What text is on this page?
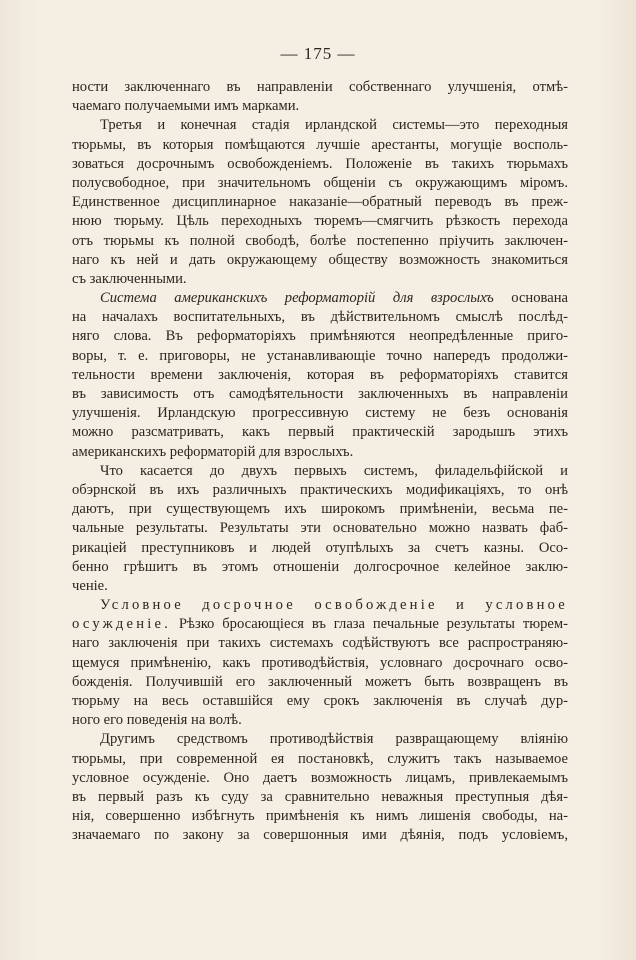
— 175 —
ности заключеннаго въ направленіи собственнаго улучшенія, отмѣ-
чаемаго получаемыми имъ марками.
Третья и конечная стадія ирландской системы—это переходныя
тюрьмы, въ которыя помѣщаются лучшіе арестанты, могущіе восполь-
зоваться досрочнымъ освобожденіемъ. Положеніе въ такихъ тюрьмахъ
полусвободное, при значительномъ общеніи съ окружающимъ міромъ.
Единственное дисциплинарное наказаніе—обратный переводъ въ преж-
нюю тюрьму. Цѣль переходныхъ тюремъ—смягчить рѣзкость перехода
отъ тюрьмы къ полной свободѣ, болѣе постепенно пріучить заключен-
наго къ ней и дать окружающему обществу возможность знакомиться
съ заключенными.
Система американскихъ реформаторій для взрослыхъ основана
на началахъ воспитательныхъ, въ дѣйствительномъ смыслѣ послѣд-
няго слова. Въ реформаторіяхъ примѣняются неопредѣленные приго-
воры, т. е. приговоры, не устанавливающіе точно напередъ продолжи-
тельности времени заключенія, которая въ реформаторіяхъ ставится
въ зависимость отъ самодѣятельности заключенныхъ въ направленіи
улучшенія. Ирландскую прогрессивную систему не безъ основанія
можно разсматривать, какъ первый практическій зародышъ этихъ
американскихъ реформаторій для взрослыхъ.
Что касается до двухъ первыхъ системъ, филадельфійской и
обэрнской въ ихъ различныхъ практическихъ модификаціяхъ, то онѣ
даютъ, при существующемъ ихъ широкомъ примѣненіи, весьма пе-
чальные результаты. Результаты эти основательно можно назвать фаб-
рикаціей преступниковъ и людей отупѣлыхъ за счетъ казны. Осо-
бенно грѣшитъ въ этомъ отношеніи долгосрочное келейное заклю-
ченіе.
Условное досрочное освобожденіе и условное
осужденіе. Рѣзко бросающіеся въ глаза печальные результаты тюрем-
наго заключенія при такихъ системахъ содѣйствуютъ все распространяю-
щемуся примѣненію, какъ противодѣйствія, условнаго досрочнаго осво-
божденія. Получившій его заключенный можетъ быть возвращенъ въ
тюрьму на весь оставшійся ему срокъ заключенія въ случаѣ дур-
ного его поведенія на волѣ.
Другимъ средствомъ противодѣйствія развращающему вліянію
тюрьмы, при современной ея постановкѣ, служитъ такъ называемое
условное осужденіе. Оно даетъ возможность лицамъ, привлекаемымъ
въ первый разъ къ суду за сравнительно неважныя преступныя дѣя-
нія, совершенно избѣгнуть примѣненія къ нимъ лишенія свободы, на-
значаемаго по закону за совершонныя ими дѣянія, подъ условіемъ,
